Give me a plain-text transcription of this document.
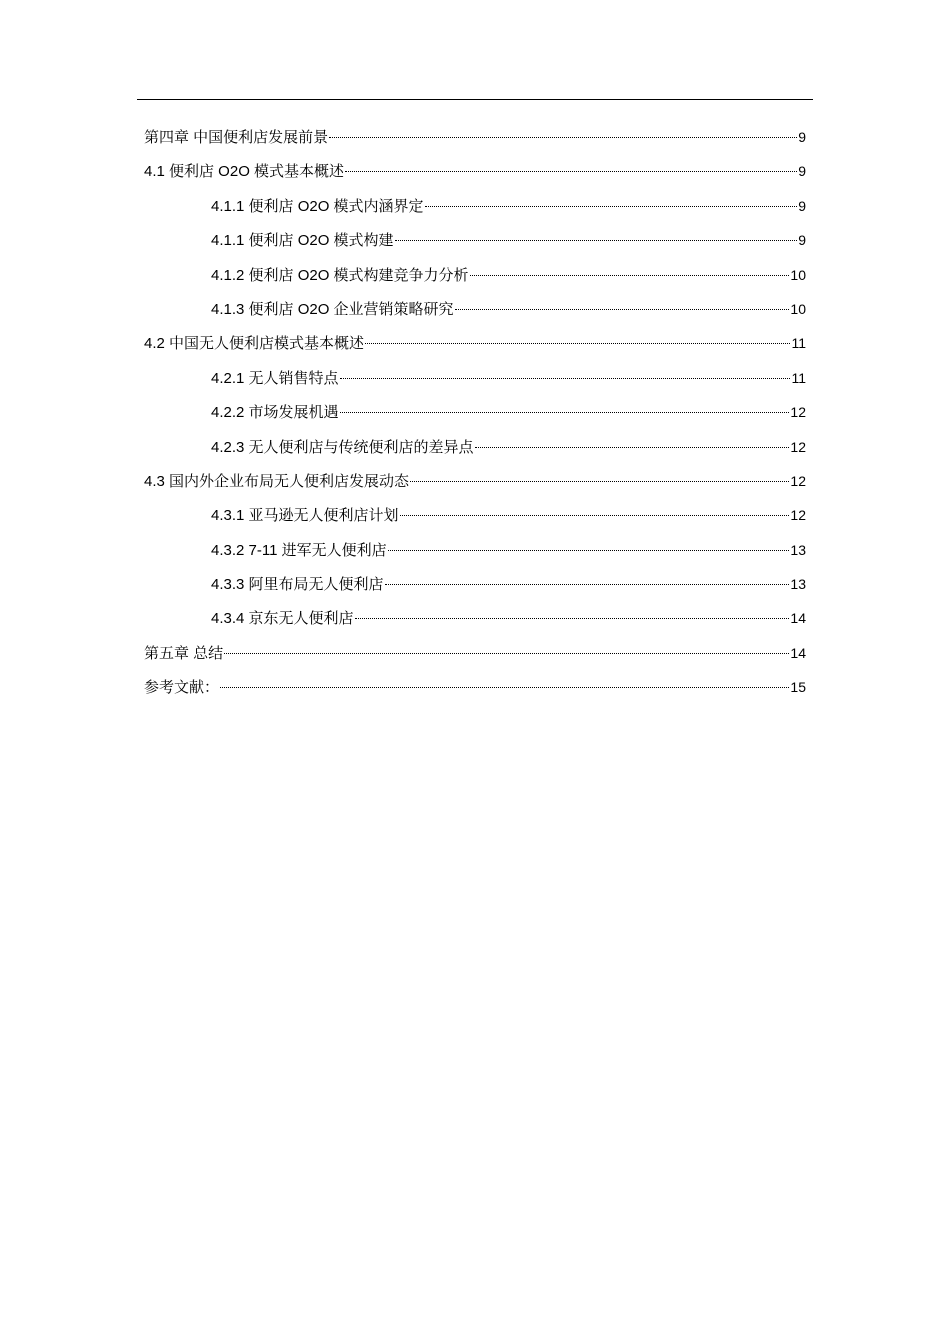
第四章 中国便利店发展前景	9
4.1 便利店 O2O 模式基本概述	9
4.1.1 便利店 O2O 模式内涵界定	9
4.1.1 便利店 O2O 模式构建	9
4.1.2 便利店 O2O 模式构建竞争力分析	10
4.1.3 便利店 O2O 企业营销策略研究	10
4.2 中国无人便利店模式基本概述	11
4.2.1 无人销售特点	11
4.2.2 市场发展机遇	12
4.2.3 无人便利店与传统便利店的差异点	12
4.3 国内外企业布局无人便利店发展动态	12
4.3.1 亚马逊无人便利店计划	12
4.3.2 7-11 进军无人便利店	13
4.3.3 阿里布局无人便利店	13
4.3.4 京东无人便利店	14
第五章 总结	14
参考文献：	15
